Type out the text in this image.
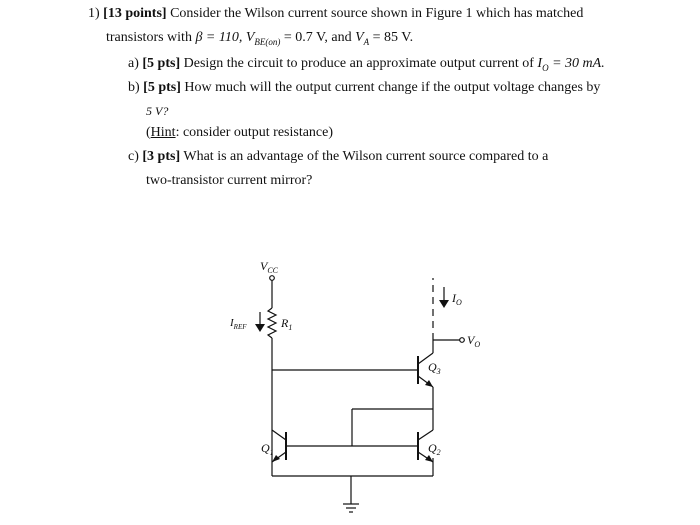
1) [13 points] Consider the Wilson current source shown in Figure 1 which has matched
transistors with β = 110, $V_{BE(on)} = 0.7$ V, and $V_A = 85$ V.
a) [5 pts] Design the circuit to produce an approximate output current of $I_O = 30$ mA.
b) [5 pts] How much will the output current change if the output voltage changes by
5 V?
(Hint: consider output resistance)
c) [3 pts] What is an advantage of the Wilson current source compared to a
two-transistor current mirror?
$V_{CC}$
$I_{REF}$	$R_1$
$I_O$
$V_O$
$Q_3$
$Q_1$	$Q_2$
